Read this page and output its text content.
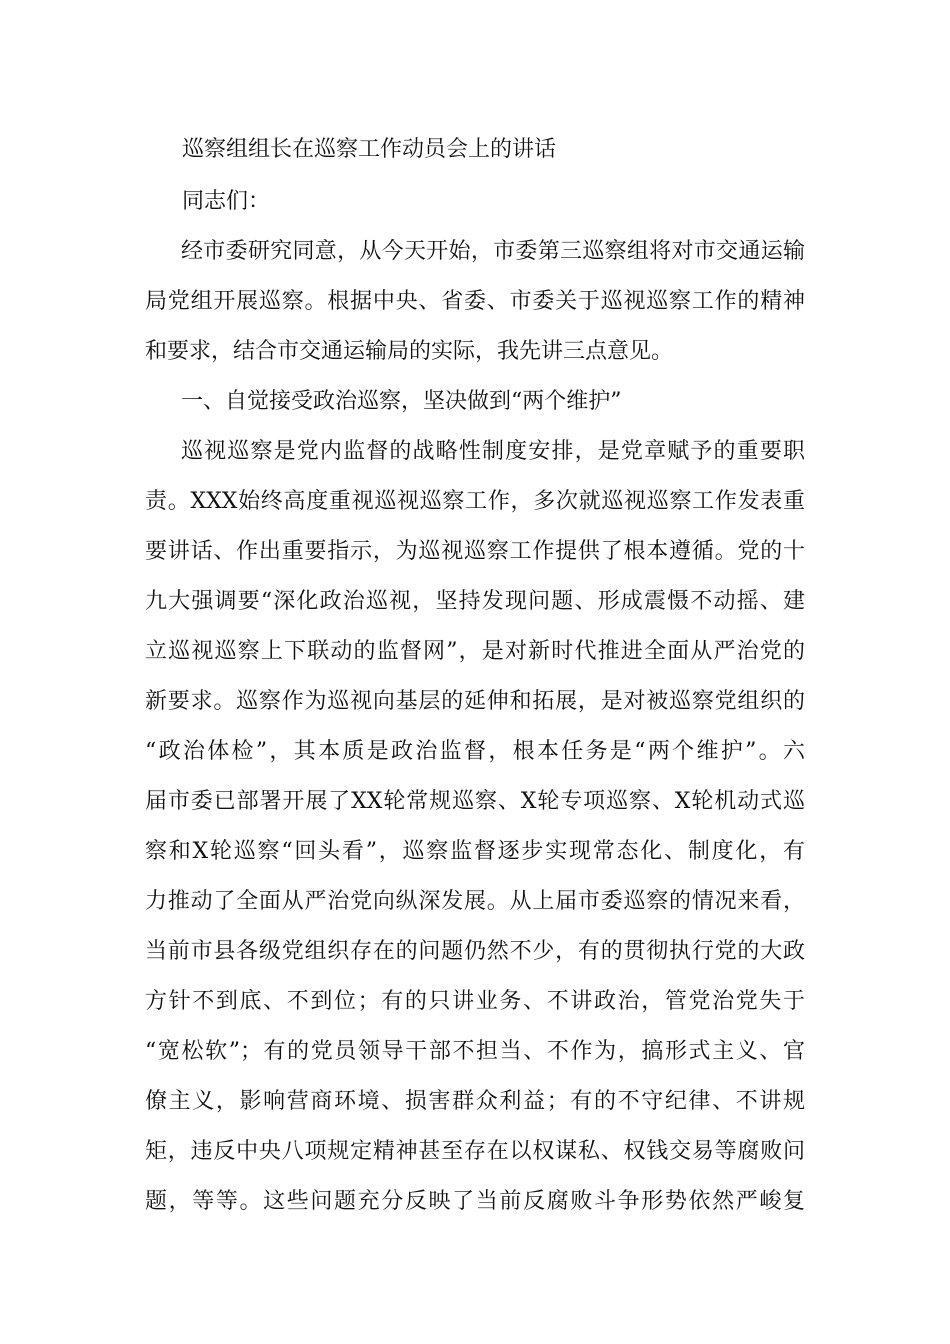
巡察组组长在巡察工作动员会上的讲话
同志们：
经市委研究同意，从今天开始，市委第三巡察组将对市交通运输
局党组开展巡察。根据中央、省委、市委关于巡视巡察工作的精神
和要求，结合市交通运输局的实际，我先讲三点意见。
一、自觉接受政治巡察，坚决做到“两个维护”
巡视巡察是党内监督的战略性制度安排，是党章赋予的重要职
责。XXX始终高度重视巡视巡察工作，多次就巡视巡察工作发表重
要讲话、作出重要指示，为巡视巡察工作提供了根本遵循。党的十
九大强调要“深化政治巡视，坚持发现问题、形成震慑不动摇、建
立巡视巡察上下联动的监督网”，是对新时代推进全面从严治党的
新要求。巡察作为巡视向基层的延伸和拓展，是对被巡察党组织的
“政治体检”，其本质是政治监督，根本任务是“两个维护”。六
届市委已部署开展了XX轮常规巡察、X轮专项巡察、X轮机动式巡
察和X轮巡察“回头看”，巡察监督逐步实现常态化、制度化，有
力推动了全面从严治党向纵深发展。从上届市委巡察的情况来看，
当前市县各级党组织存在的问题仍然不少，有的贯彻执行党的大政
方针不到底、不到位；有的只讲业务、不讲政治，管党治党失于
“宽松软”；有的党员领导干部不担当、不作为，搞形式主义、官
僚主义，影响营商环境、损害群众利益；有的不守纪律、不讲规
矩，违反中央八项规定精神甚至存在以权谋私、权钱交易等腐败问
题，等等。这些问题充分反映了当前反腐败斗争形势依然严峻复
